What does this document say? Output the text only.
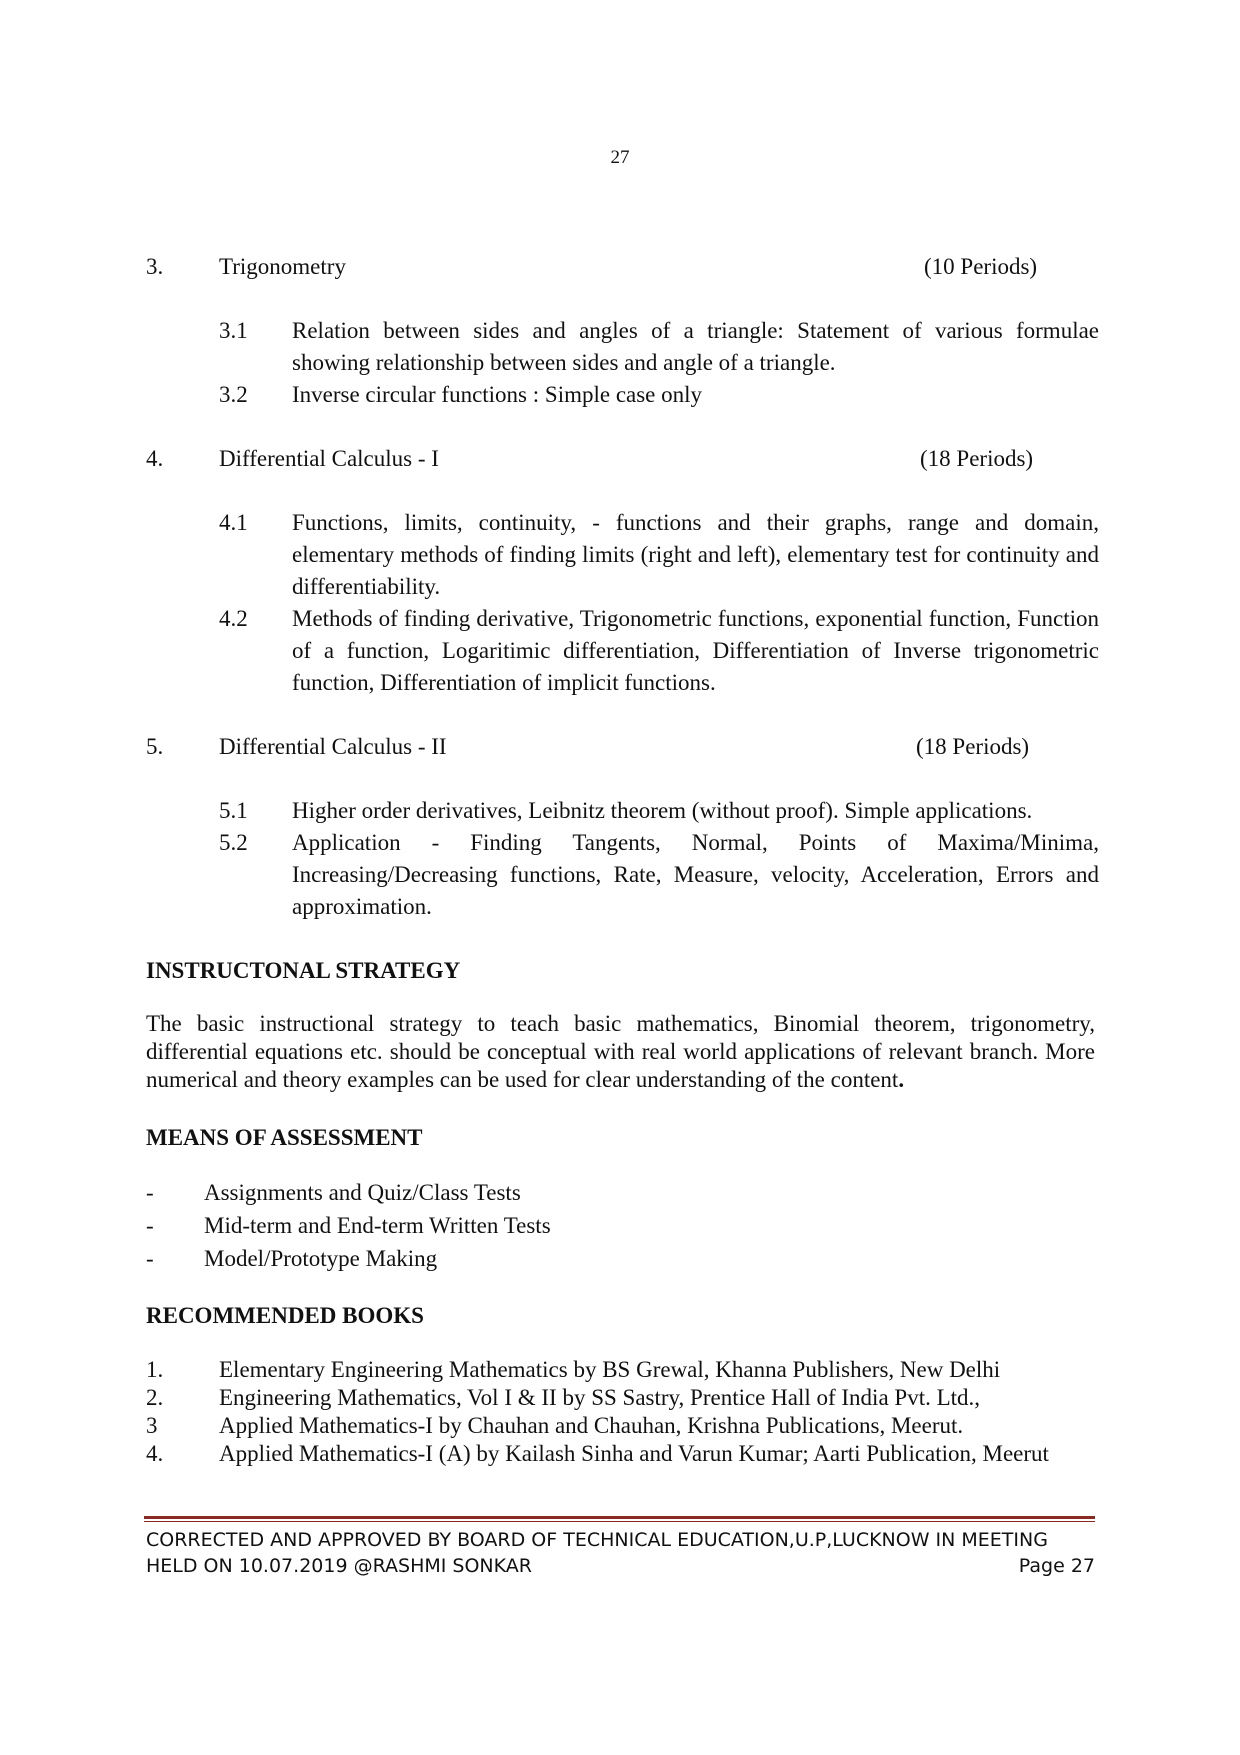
27
3. Trigonometry	(10 Periods)
3.1 Relation between sides and angles of a triangle: Statement of various formulae showing relationship between sides and angle of a triangle.
3.2 Inverse circular functions : Simple case only
4. Differential Calculus - I	(18 Periods)
4.1 Functions, limits, continuity, - functions and their graphs, range and domain, elementary methods of finding limits (right and left), elementary test for continuity and differentiability.
4.2 Methods of finding derivative, Trigonometric functions, exponential function, Function of a function, Logaritimic differentiation, Differentiation of Inverse trigonometric function, Differentiation of implicit functions.
5. Differential Calculus - II	(18 Periods)
5.1 Higher order derivatives, Leibnitz theorem (without proof). Simple applications.
5.2 Application - Finding Tangents, Normal, Points of Maxima/Minima, Increasing/Decreasing functions, Rate, Measure, velocity, Acceleration, Errors and approximation.
INSTRUCTONAL STRATEGY
The basic instructional strategy to teach basic mathematics, Binomial theorem, trigonometry, differential equations etc. should be conceptual with real world applications of relevant branch. More numerical and theory examples can be used for clear understanding of the content.
MEANS OF ASSESSMENT
- Assignments and Quiz/Class Tests
- Mid-term and End-term Written Tests
- Model/Prototype Making
RECOMMENDED BOOKS
1. Elementary Engineering Mathematics by BS Grewal, Khanna Publishers, New Delhi
2. Engineering Mathematics, Vol I & II by SS Sastry, Prentice Hall of India Pvt. Ltd.,
3	Applied Mathematics-I by Chauhan and Chauhan, Krishna Publications, Meerut.
4. Applied Mathematics-I (A) by Kailash Sinha and Varun Kumar; Aarti Publication, Meerut
CORRECTED AND APPROVED BY BOARD OF TECHNICAL EDUCATION,U.P,LUCKNOW IN MEETING
HELD ON 10.07.2019 @RASHMI SONKAR	Page 27
